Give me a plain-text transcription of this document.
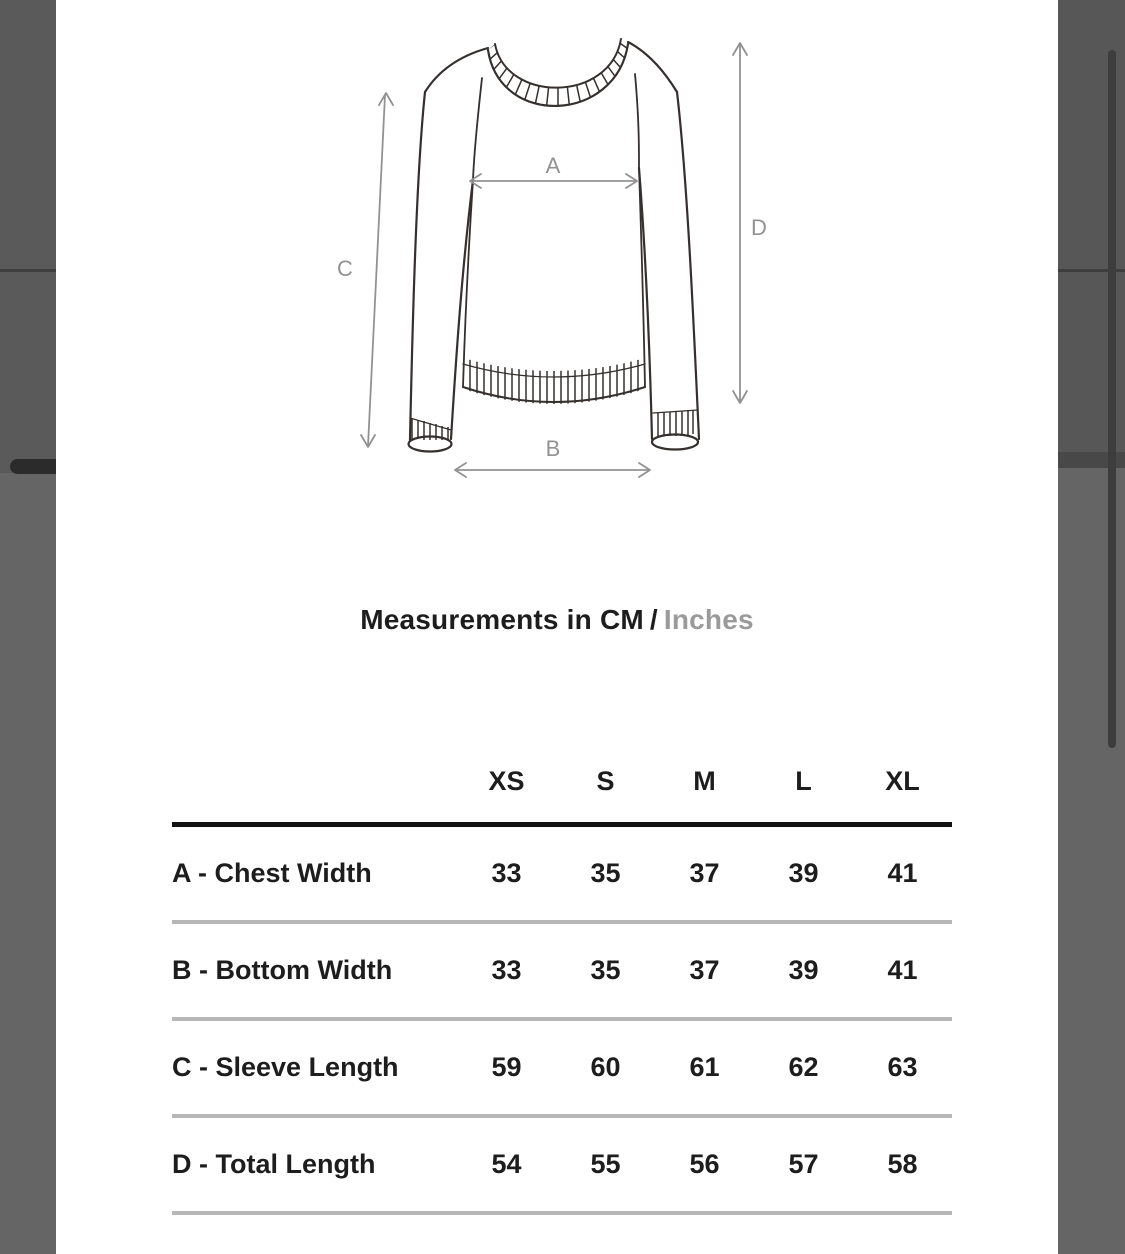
A
B
C
D
Measurements in CM / Inches
XS	S	M	L	XL
A - Chest Width	33	35	37	39	41
B - Bottom Width	33	35	37	39	41
C - Sleeve Length	59	60	61	62	63
D - Total Length	54	55	56	57	58
